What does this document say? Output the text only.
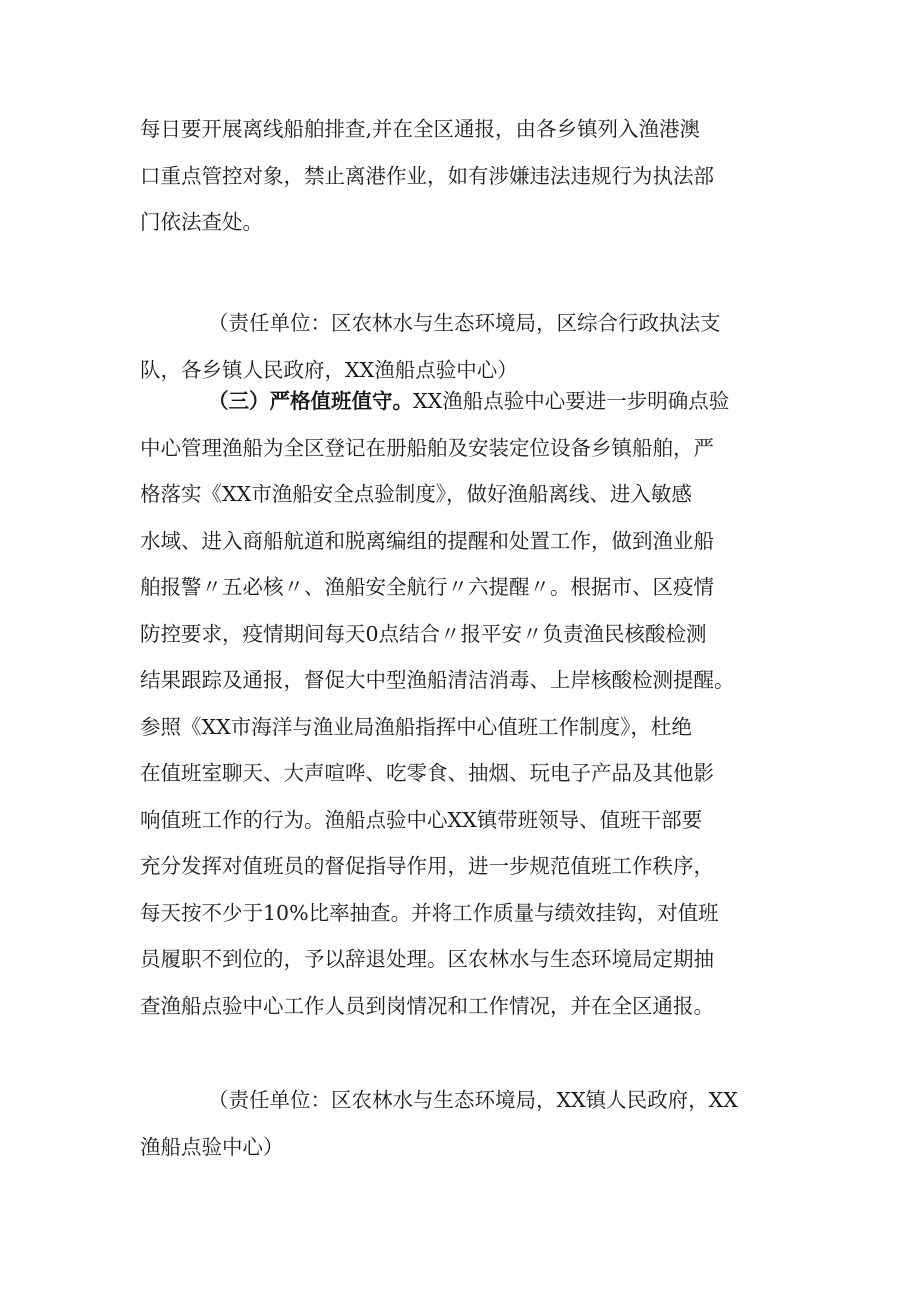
每日要开展离线船舶排查,并在全区通报，由各乡镇列入渔港澳
口重点管控对象，禁止离港作业，如有涉嫌违法违规行为执法部
门依法查处。

（责任单位：区农林水与生态环境局，区综合行政执法支
队，各乡镇人民政府，XX渔船点验中心）

（三）严格值班值守。XX渔船点验中心要进一步明确点验
中心管理渔船为全区登记在册船舶及安装定位设备乡镇船舶，严
格落实《XX市渔船安全点验制度》，做好渔船离线、进入敏感
水域、进入商船航道和脱离编组的提醒和处置工作，做到渔业船
舶报警〃五必核〃、渔船安全航行〃六提醒〃。根据市、区疫情
防控要求，疫情期间每天0点结合〃报平安〃负责渔民核酸检测
结果跟踪及通报，督促大中型渔船清洁消毒、上岸核酸检测提醒。
参照《XX市海洋与渔业局渔船指挥中心值班工作制度》，杜绝
在值班室聊天、大声喧哗、吃零食、抽烟、玩电子产品及其他影
响值班工作的行为。渔船点验中心XX镇带班领导、值班干部要
充分发挥对值班员的督促指导作用，进一步规范值班工作秩序，
每天按不少于10%比率抽查。并将工作质量与绩效挂钩，对值班
员履职不到位的，予以辞退处理。区农林水与生态环境局定期抽
查渔船点验中心工作人员到岗情况和工作情况，并在全区通报。

（责任单位：区农林水与生态环境局，XX镇人民政府，XX
渔船点验中心）
